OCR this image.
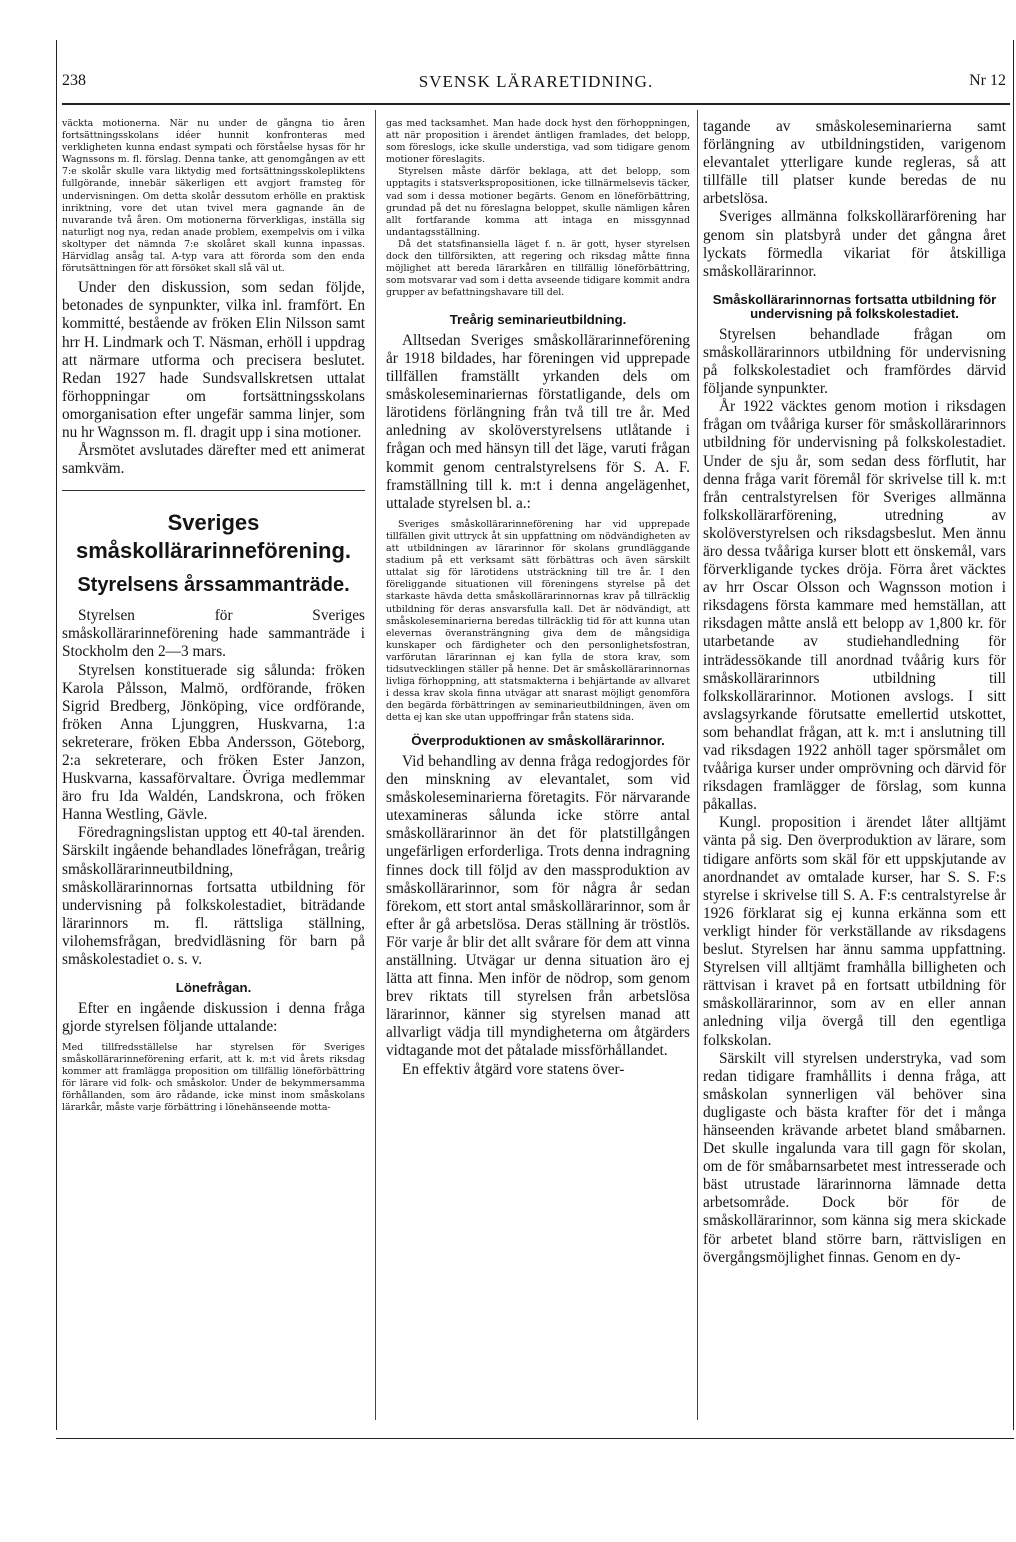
238	SVENSK LÄRARETIDNING.	Nr 12

väckta motionerna. När nu under de gångna tio åren fortsättningsskolans idéer hunnit konfronteras med verkligheten kunna endast sympati och förståelse hysas för hr Wagnssons m. fl. förslag. Denna tanke, att genomgången av ett 7:e skolår skulle vara liktydig med fortsättningsskolepliktens fullgörande, innebär säkerligen ett avgjort framsteg för undervisningen. Om detta skolår dessutom erhölle en praktisk inriktning, vore det utan tvivel mera gagnande än de nuvarande två åren. Om motionerna förverkligas, inställa sig naturligt nog nya, redan anade problem, exempelvis om i vilka skoltyper det nämnda 7:e skolåret skall kunna inpassas. Härvidlag ansåg tal. A-typ vara att förorda som den enda förutsättningen för att försöket skall slå väl ut.

Under den diskussion, som sedan följde, betonades de synpunkter, vilka inl. framfört. En kommitté, bestående av fröken Elin Nilsson samt hrr H. Lindmark och T. Näsman, erhöll i uppdrag att närmare utforma och precisera beslutet. Redan 1927 hade Sundsvallskretsen uttalat förhoppningar om fortsättningsskolans omorganisation efter ungefär samma linjer, som nu hr Wagnsson m. fl. dragit upp i sina motioner.

Årsmötet avslutades därefter med ett animerat samkväm.

Sveriges
småskollärarinneförening.
Styrelsens årssammanträde.

Styrelsen för Sveriges småskollärarinneförening hade sammanträde i Stockholm den 2—3 mars.

Styrelsen konstituerade sig sålunda: fröken Karola Pålsson, Malmö, ordförande, fröken Sigrid Bredberg, Jönköping, vice ordförande, fröken Anna Ljunggren, Huskvarna, 1:a sekreterare, fröken Ebba Andersson, Göteborg, 2:a sekreterare, och fröken Ester Janzon, Huskvarna, kassaförvaltare. Övriga medlemmar äro fru Ida Waldén, Landskrona, och fröken Hanna Westling, Gävle.

Föredragningslistan upptog ett 40-tal ärenden. Särskilt ingående behandlades lönefrågan, treårig småskollärarinneutbildning, småskollärarinnornas fortsatta utbildning för undervisning på folkskolestadiet, biträdande lärarinnors m. fl. rättsliga ställning, vilohemsfrågan, bredvidläsning för barn på småskolestadiet o. s. v.

Lönefrågan.

Efter en ingående diskussion i denna fråga gjorde styrelsen följande uttalande:

Med tillfredsställelse har styrelsen för Sveriges småskollärarinneförening erfarit, att k. m:t vid årets riksdag kommer att framlägga proposition om tillfällig löneförbättring för lärare vid folk- och småskolor. Under de bekymmersamma förhållanden, som äro rådande, icke minst inom småskolans lärarkår, måste varje förbättring i lönehänseende motta-

gas med tacksamhet. Man hade dock hyst den förhoppningen, att när proposition i ärendet äntligen framlades, det belopp, som föreslogs, icke skulle understiga, vad som tidigare genom motioner föreslagits.

Styrelsen måste därför beklaga, att det belopp, som upptagits i statsverkspropositionen, icke tillnärmelsevis täcker, vad som i dessa motioner begärts. Genom en löneförbättring, grundad på det nu föreslagna beloppet, skulle nämligen kåren allt fortfarande komma att intaga en missgynnad undantagsställning.

Då det statsfinansiella läget f. n. är gott, hyser styrelsen dock den tillförsikten, att regering och riksdag måtte finna möjlighet att bereda lärarkåren en tillfällig löneförbättring, som motsvarar vad som i detta avseende tidigare kommit andra grupper av befattningshavare till del.

Treårig seminarieutbildning.

Alltsedan Sveriges småskollärarinneförening år 1918 bildades, har föreningen vid upprepade tillfällen framställt yrkanden dels om småskoleseminariernas förstatligande, dels om lärotidens förlängning från två till tre år. Med anledning av skolöverstyrelsens utlåtande i frågan och med hänsyn till det läge, varuti frågan kommit genom centralstyrelsens för S. A. F. framställning till k. m:t i denna angelägenhet, uttalade styrelsen bl. a.:

Sveriges småskollärarinneförening har vid upprepade tillfällen givit uttryck åt sin uppfattning om nödvändigheten av att utbildningen av lärarinnor för skolans grundläggande stadium på ett verksamt sätt förbättras och även särskilt uttalat sig för lärotidens utsträckning till tre år. I den föreliggande situationen vill föreningens styrelse på det starkaste hävda detta småskollärarinnornas krav på tillräcklig utbildning för deras ansvarsfulla kall. Det är nödvändigt, att småskoleseminarierna beredas tillräcklig tid för att kunna utan elevernas överansträngning giva dem de mångsidiga kunskaper och färdigheter och den personlighetsfostran, varförutan lärarinnan ej kan fylla de stora krav, som tidsutvecklingen ställer på henne. Det är småskollärarinnornas livliga förhoppning, att statsmakterna i behjärtande av allvaret i dessa krav skola finna utvägar att snarast möjligt genomföra den begärda förbättringen av seminarieutbildningen, även om detta ej kan ske utan uppoffringar från statens sida.

Överproduktionen av småskollärarinnor.

Vid behandling av denna fråga redogjordes för den minskning av elevantalet, som vid småskoleseminarierna företagits. För närvarande utexamineras sålunda icke större antal småskollärarinnor än det för platstillgången ungefärligen erforderliga. Trots denna indragning finnes dock till följd av den massproduktion av småskollärarinnor, som för några år sedan förekom, ett stort antal småskollärarinnor, som år efter år gå arbetslösa. Deras ställning är tröstlös. För varje år blir det allt svårare för dem att vinna anställning. Utvägar ur denna situation äro ej lätta att finna. Men inför de nödrop, som genom brev riktats till styrelsen från arbetslösa lärarinnor, känner sig styrelsen manad att allvarligt vädja till myndigheterna om åtgärders vidtagande mot det påtalade missförhållandet.

En effektiv åtgärd vore statens över-

tagande av småskoleseminarierna samt förlängning av utbildningstiden, varigenom elevantalet ytterligare kunde regleras, så att tillfälle till platser kunde beredas de nu arbetslösa.

Sveriges allmänna folkskollärarförening har genom sin platsbyrå under det gångna året lyckats förmedla vikariat för åtskilliga småskollärarinnor.

Småskollärarinnornas fortsatta utbildning för undervisning på folkskolestadiet.

Styrelsen behandlade frågan om småskollärarinnors utbildning för undervisning på folkskolestadiet och framfördes därvid följande synpunkter.

År 1922 väcktes genom motion i riksdagen frågan om tvååriga kurser för småskollärarinnors utbildning för undervisning på folkskolestadiet. Under de sju år, som sedan dess förflutit, har denna fråga varit föremål för skrivelse till k. m:t från centralstyrelsen för Sveriges allmänna folkskollärarförening, utredning av skolöverstyrelsen och riksdagsbeslut. Men ännu äro dessa tvååriga kurser blott ett önskemål, vars förverkligande tyckes dröja. Förra året väcktes av hrr Oscar Olsson och Wagnsson motion i riksdagens första kammare med hemställan, att riksdagen måtte anslå ett belopp av 1,800 kr. för utarbetande av studiehandledning för inträdessökande till anordnad tvåårig kurs för småskollärarinnors utbildning till folkskollärarinnor. Motionen avslogs. I sitt avslagsyrkande förutsatte emellertid utskottet, som behandlat frågan, att k. m:t i anslutning till vad riksdagen 1922 anhöll tager spörsmålet om tvååriga kurser under omprövning och därvid för riksdagen framlägger de förslag, som kunna påkallas.

Kungl. proposition i ärendet låter alltjämt vänta på sig. Den överproduktion av lärare, som tidigare anförts som skäl för ett uppskjutande av anordnandet av omtalade kurser, har S. S. F:s styrelse i skrivelse till S. A. F:s centralstyrelse år 1926 förklarat sig ej kunna erkänna som ett verkligt hinder för verkställande av riksdagens beslut. Styrelsen har ännu samma uppfattning. Styrelsen vill alltjämt framhålla billigheten och rättvisan i kravet på en fortsatt utbildning för småskollärarinnor, som av en eller annan anledning vilja övergå till den egentliga folkskolan.

Särskilt vill styrelsen understryka, vad som redan tidigare framhållits i denna fråga, att småskolan synnerligen väl behöver sina dugligaste och bästa krafter för det i många hänseenden krävande arbetet bland småbarnen. Det skulle ingalunda vara till gagn för skolan, om de för småbarnsarbetet mest intresserade och bäst utrustade lärarinnorna lämnade detta arbetsområde. Dock bör för de småskollärarinnor, som känna sig mera skickade för arbetet bland större barn, rättvisligen en övergångsmöjlighet finnas. Genom en dy-
